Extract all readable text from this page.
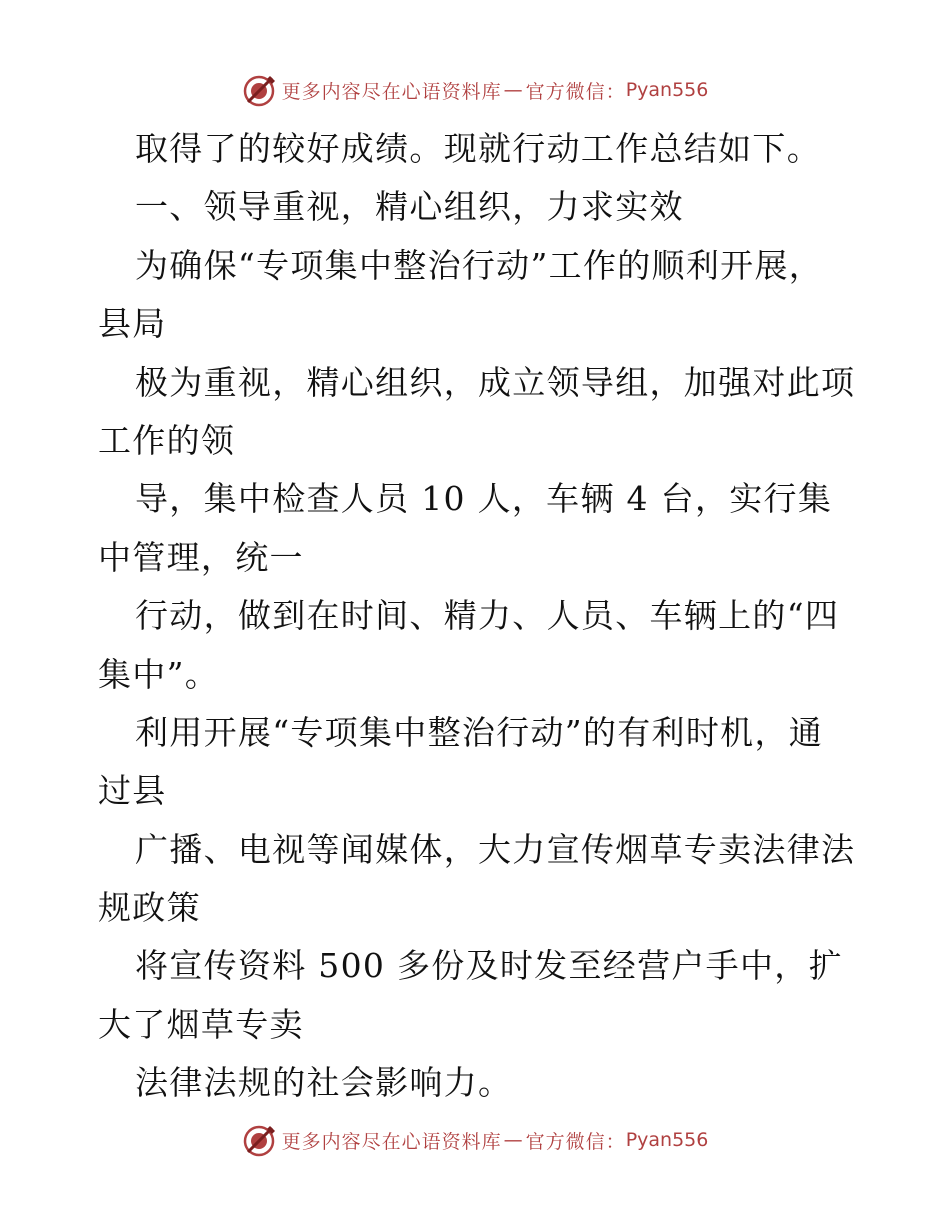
更多内容尽在心语资料库 — 官方微信： Pyan556
取得了的较好成绩。现就行动工作总结如下。
一、领导重视，精心组织，力求实效
为确保“专项集中整治行动”工作的顺利开展，
县局
极为重视，精心组织，成立领导组，加强对此项
工作的领
导，集中检查人员 10 人，车辆 4 台，实行集
中管理，统一
行动，做到在时间、精力、人员、车辆上的“四
集中”。
利用开展“专项集中整治行动”的有利时机，通
过县
广播、电视等闻媒体，大力宣传烟草专卖法律法
规政策
将宣传资料 500 多份及时发至经营户手中，扩
大了烟草专卖
法律法规的社会影响力。
更多内容尽在心语资料库 — 官方微信： Pyan556
